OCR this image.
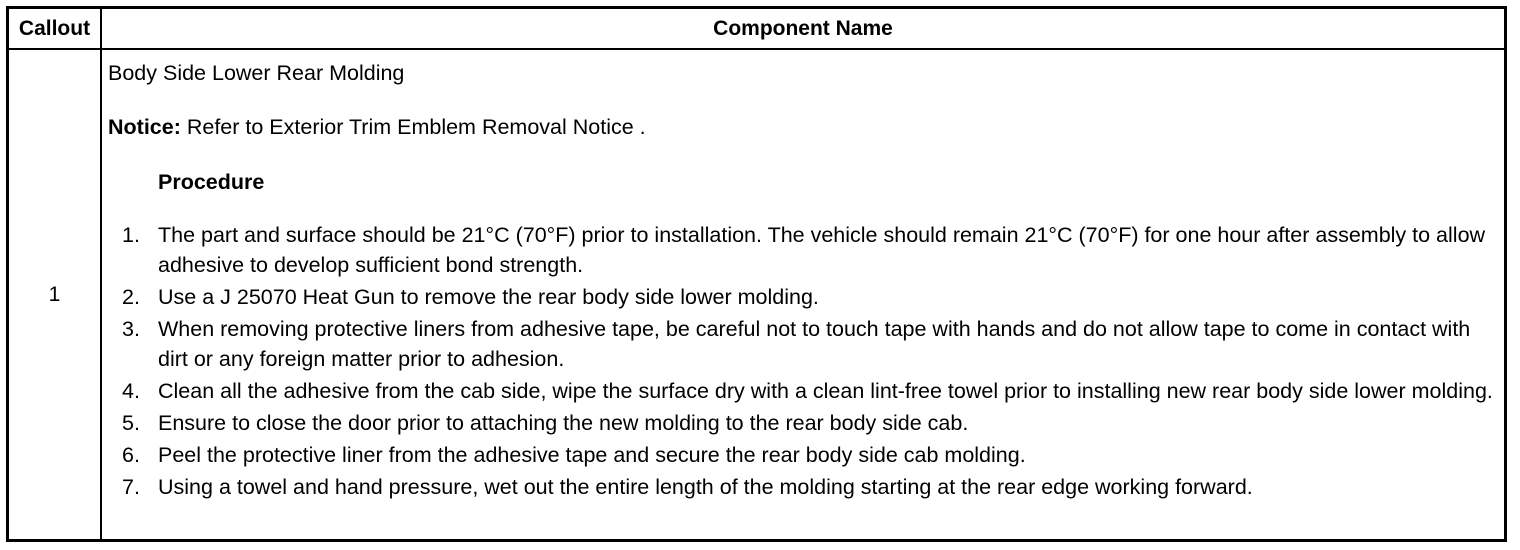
Callout	Component Name
1

Body Side Lower Rear Molding

Notice: Refer to Exterior Trim Emblem Removal Notice .

Procedure

1. The part and surface should be 21°C (70°F) prior to installation. The vehicle should remain 21°C (70°F) for one hour after assembly to allow adhesive to develop sufficient bond strength.
2. Use a J 25070 Heat Gun to remove the rear body side lower molding.
3. When removing protective liners from adhesive tape, be careful not to touch tape with hands and do not allow tape to come in contact with dirt or any foreign matter prior to adhesion.
4. Clean all the adhesive from the cab side, wipe the surface dry with a clean lint-free towel prior to installing new rear body side lower molding.
5. Ensure to close the door prior to attaching the new molding to the rear body side cab.
6. Peel the protective liner from the adhesive tape and secure the rear body side cab molding.
7. Using a towel and hand pressure, wet out the entire length of the molding starting at the rear edge working forward.
